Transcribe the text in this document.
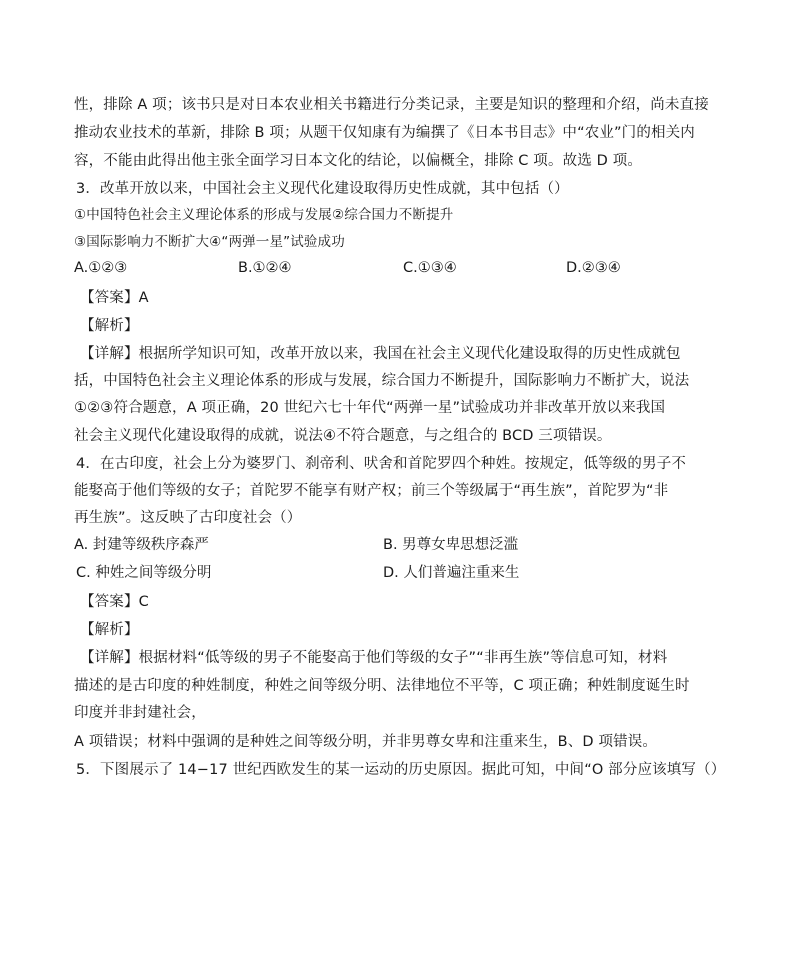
性，排除 A 项；该书只是对日本农业相关书籍进行分类记录，主要是知识的整理和介绍，尚未直接
推动农业技术的革新，排除 B 项；从题干仅知康有为编撰了《日本书目志》中“农业”门的相关内
容，不能由此得出他主张全面学习日本文化的结论，以偏概全，排除 C 项。故选 D 项。
3．改革开放以来，中国社会主义现代化建设取得历史性成就，其中包括（）
①中国特色社会主义理论体系的形成与发展②综合国力不断提升
③国际影响力不断扩大④“两弹一星”试验成功
A.①②③	B.①②④	C.①③④	D.②③④
【答案】A
【解析】
【详解】根据所学知识可知，改革开放以来，我国在社会主义现代化建设取得的历史性成就包
括，中国特色社会主义理论体系的形成与发展，综合国力不断提升，国际影响力不断扩大，说法
①②③符合题意，A 项正确，20 世纪六七十年代“两弹一星”试验成功并非改革开放以来我国
社会主义现代化建设取得的成就，说法④不符合题意，与之组合的 BCD 三项错误。
4．在古印度，社会上分为婆罗门、刹帝利、吠舍和首陀罗四个种姓。按规定，低等级的男子不
能娶高于他们等级的女子；首陀罗不能享有财产权；前三个等级属于“再生族”，首陀罗为“非
再生族”。这反映了古印度社会（）
A. 封建等级秩序森严	B. 男尊女卑思想泛滥
C. 种姓之间等级分明	D. 人们普遍注重来生
【答案】C
【解析】
【详解】根据材料“低等级的男子不能娶高于他们等级的女子”“非再生族”等信息可知，材料
描述的是古印度的种姓制度，种姓之间等级分明、法律地位不平等，C 项正确；种姓制度诞生时
印度并非封建社会，
A 项错误；材料中强调的是种姓之间等级分明，并非男尊女卑和注重来生，B、D 项错误。
5．下图展示了 14−17 世纪西欧发生的某一运动的历史原因。据此可知，中间“O 部分应该填写（）
